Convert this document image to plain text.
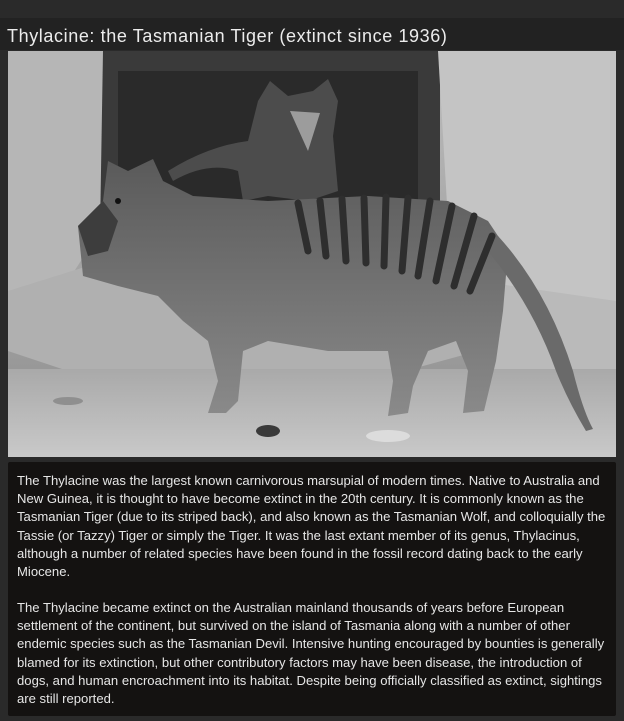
Thylacine: the Tasmanian Tiger (extinct since 1936)

The Thylacine was the largest known carnivorous marsupial of modern times. Native to Australia and New Guinea, it is thought to have become extinct in the 20th century. It is commonly known as the Tasmanian Tiger (due to its striped back), and also known as the Tasmanian Wolf, and colloquially the Tassie (or Tazzy) Tiger or simply the Tiger. It was the last extant member of its genus, Thylacinus, although a number of related species have been found in the fossil record dating back to the early Miocene.

The Thylacine became extinct on the Australian mainland thousands of years before European settlement of the continent, but survived on the island of Tasmania along with a number of other endemic species such as the Tasmanian Devil. Intensive hunting encouraged by bounties is generally blamed for its extinction, but other contributory factors may have been disease, the introduction of dogs, and human encroachment into its habitat. Despite being officially classified as extinct, sightings are still reported.
